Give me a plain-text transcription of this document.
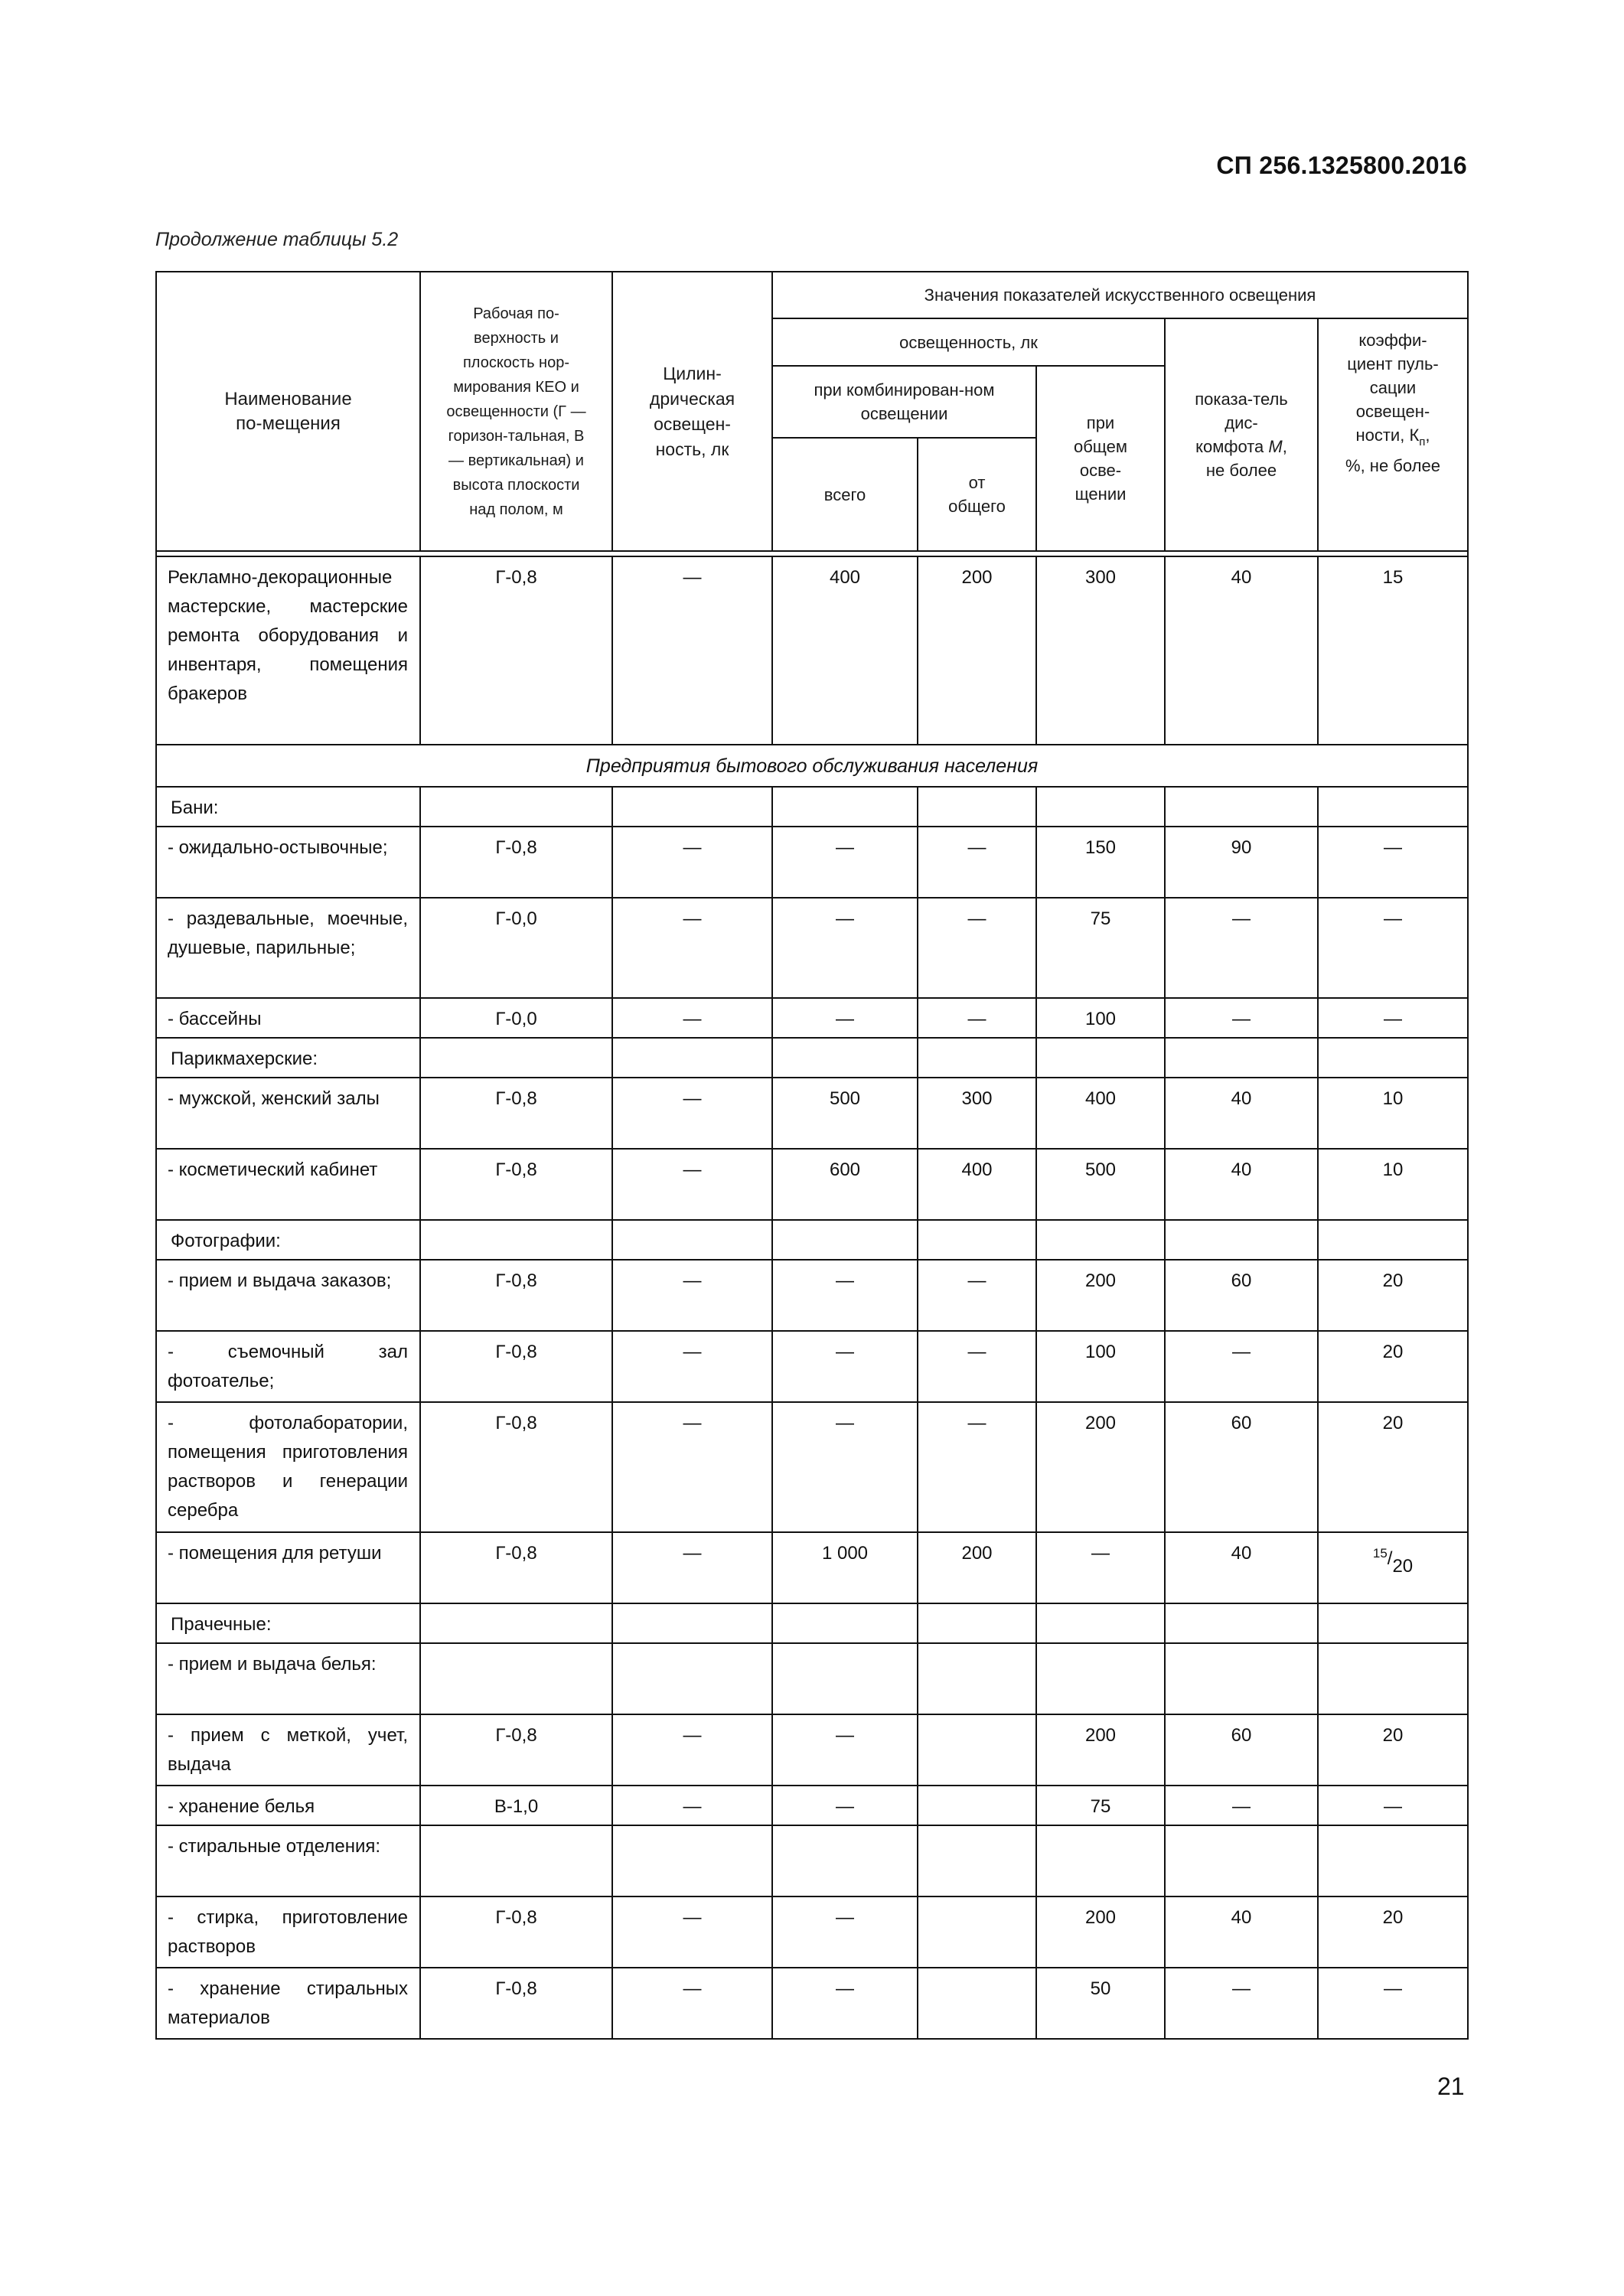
СП 256.1325800.2016
Продолжение таблицы 5.2
Наименование по-мещения	Рабочая по-верхность и плоскость нор-мирования КЕО и освещенности (Г — горизон-тальная, В — вертикальная) и высота плоскости над полом, м	Цилин-дрическая освещен-ность, лк	Значения показателей искусственного освещения				
			освещенность, лк			показа-тель дис-комфота M, не более	коэффи-циент пуль-сации освещен-ности, $К_п$, %, не более
			при комбинирован-ном освещении		при общем осве-щении		
			всего	от общего			

Рекламно-декорационные мастерские, мастерские ремонта оборудования и инвентаря, помещения бракеров	Г-0,8	—	400	200	300	40	15
Предприятия бытового обслуживания населения							
Бани:							
- ожидально-остывочные;	Г-0,8	—	—	—	150	90	—
- раздевальные, моечные, душевые, парильные;	Г-0,0	—	—	—	75	—	—
- бассейны	Г-0,0	—	—	—	100	—	—
Парикмахерские:							
- мужской, женский залы	Г-0,8	—	500	300	400	40	10
- косметический кабинет	Г-0,8	—	600	400	500	40	10
Фотографии:							
- прием и выдача заказов;	Г-0,8	—	—	—	200	60	20
- съемочный зал фотоателье;	Г-0,8	—	—	—	100	—	20
- фотолаборатории, помещения приготовления растворов и генерации серебра	Г-0,8	—	—	—	200	60	20
- помещения для ретуши	Г-0,8	—	1 000	200	—	40	$^{15}/_{20}$
Прачечные:							
- прием и выдача белья:							
- прием с меткой, учет, выдача	Г-0,8	—	—		200	60	20
- хранение белья	В-1,0	—	—		75	—	—
- стиральные отделения:							
- стирка, приготовление растворов	Г-0,8	—	—		200	40	20
- хранение стиральных материалов	Г-0,8	—	—		50	—	—
21
